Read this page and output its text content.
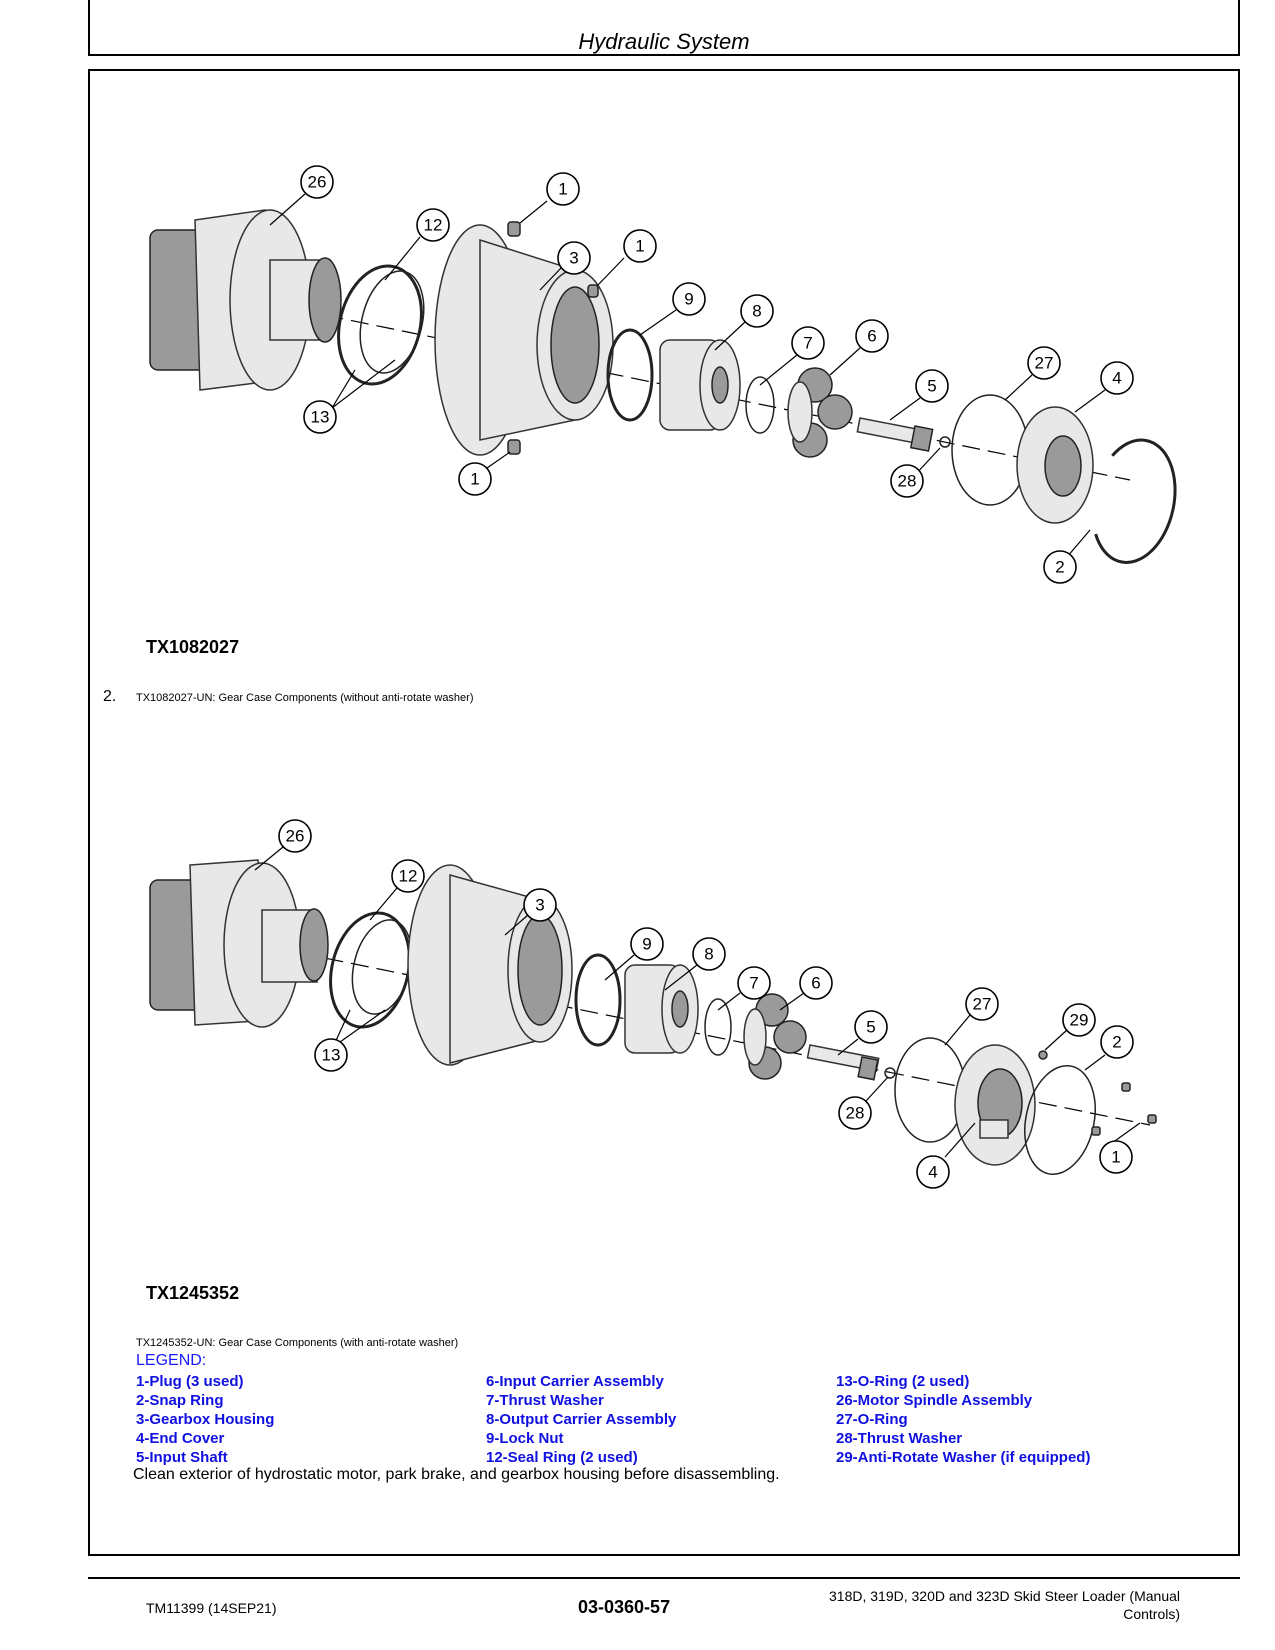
Hydraulic System
26
12
1
3
1
9
8
7	6
5
27
4
13
1	28
2
TX1082027
2. TX1082027-UN: Gear Case Components (without anti-rotate washer)
26
12
3
9
8
7	6
5
27
29
2
13
28
1
4
TX1245352
TX1245352-UN: Gear Case Components (with anti-rotate washer)
LEGEND:
1-Plug (3 used)
2-Snap Ring
3-Gearbox Housing
4-End Cover
5-Input Shaft
6-Input Carrier Assembly
7-Thrust Washer
8-Output Carrier Assembly
9-Lock Nut
12-Seal Ring (2 used)
13-O-Ring (2 used)
26-Motor Spindle Assembly
27-O-Ring
28-Thrust Washer
29-Anti-Rotate Washer (if equipped)
Clean exterior of hydrostatic motor, park brake, and gearbox housing before disassembling.
TM11399 (14SEP21)	03-0360-57
318D, 319D, 320D and 323D Skid Steer Loader (Manual
Controls)
